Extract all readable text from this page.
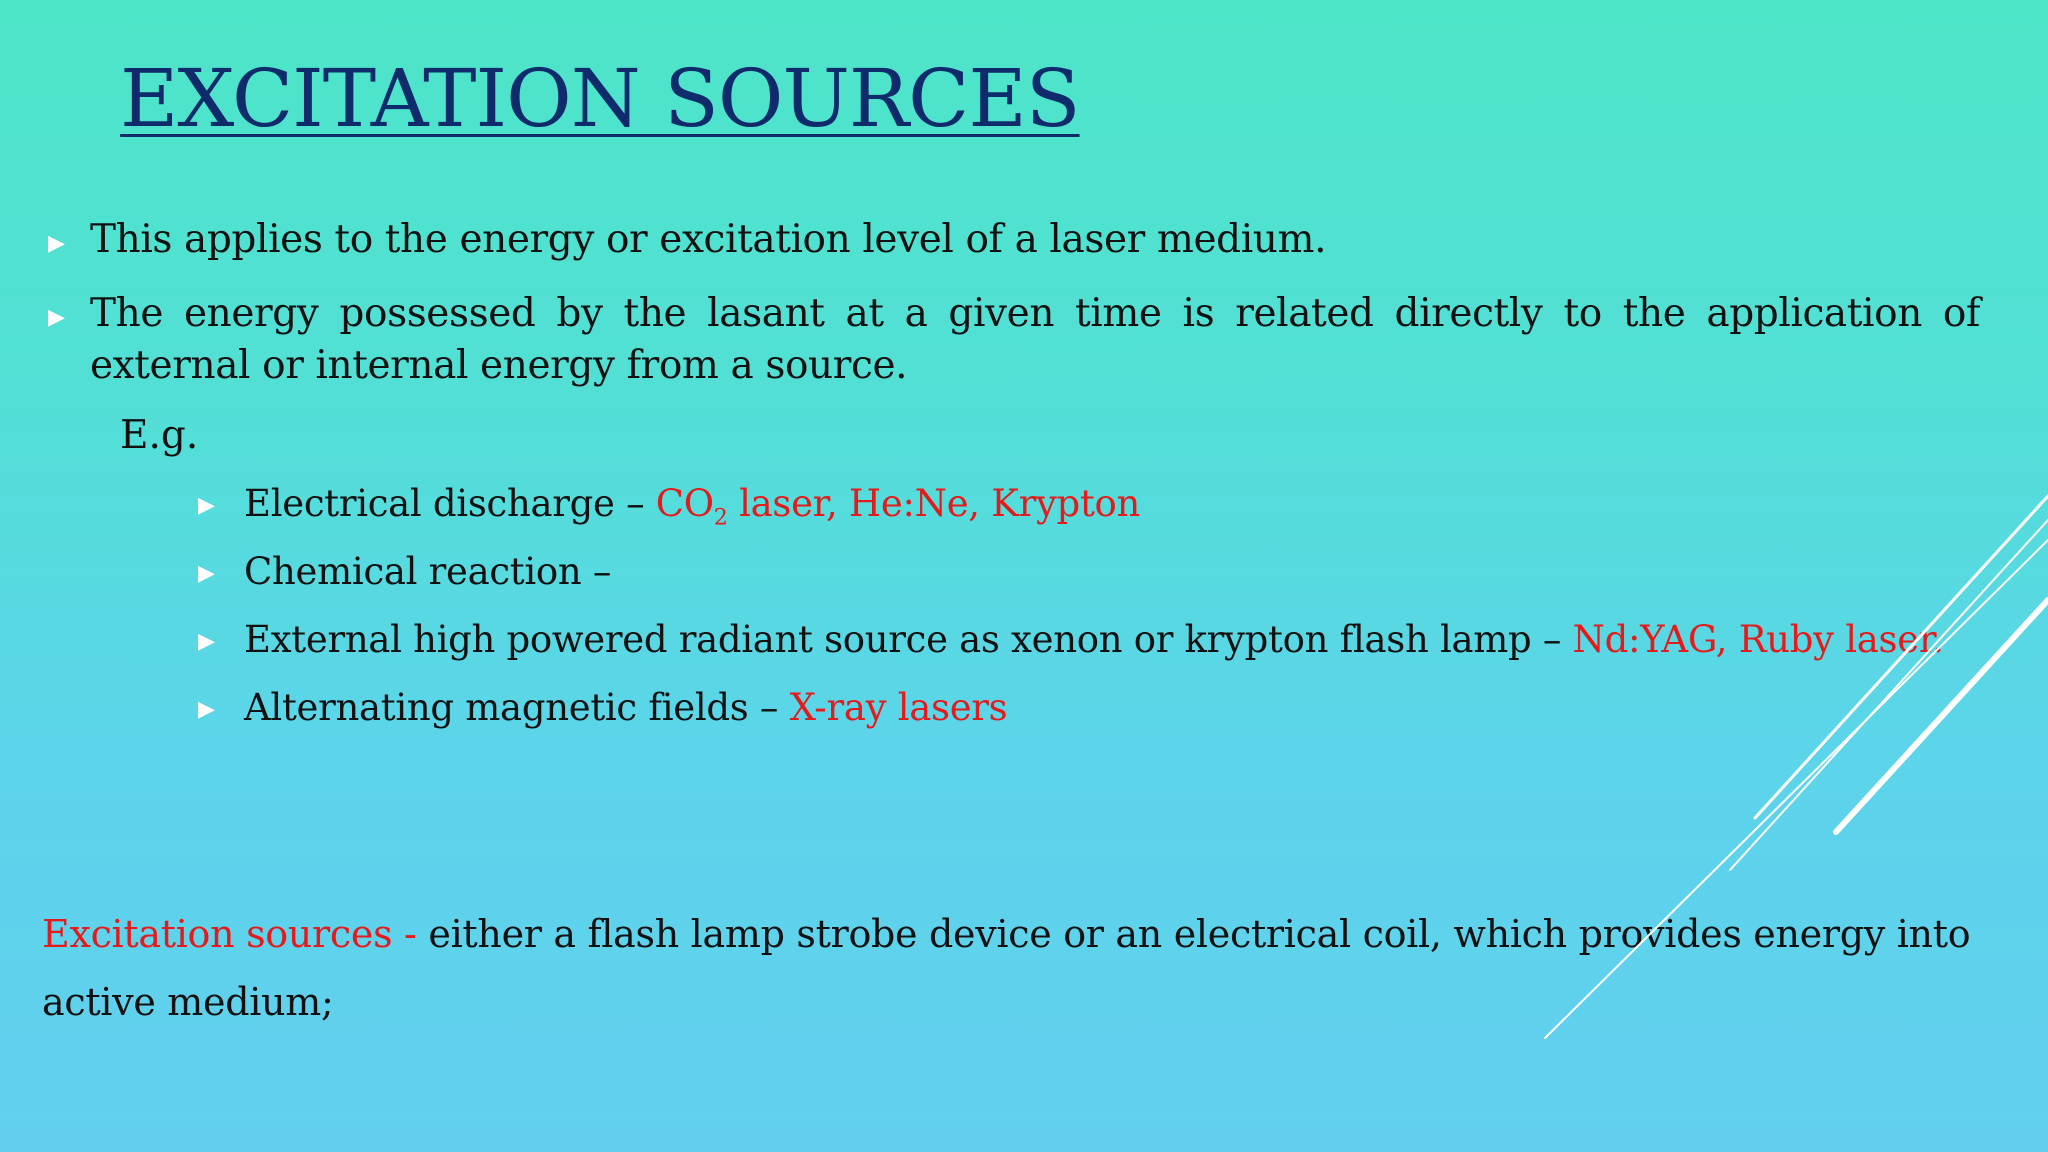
EXCITATION SOURCES
▶ This applies to the energy or excitation level of a laser medium.
▶ The energy possessed by the lasant at a given time is related directly to the application of external or internal energy from a source.
E.g.
▶ Electrical discharge – $CO_2$ laser, He:Ne, Krypton
▶ Chemical reaction –
▶ External high powered radiant source as xenon or krypton flash lamp – Nd:YAG, Ruby laser.
▶ Alternating magnetic fields – X-ray lasers
Excitation sources - either a flash lamp strobe device or an electrical coil, which provides energy into active medium;
